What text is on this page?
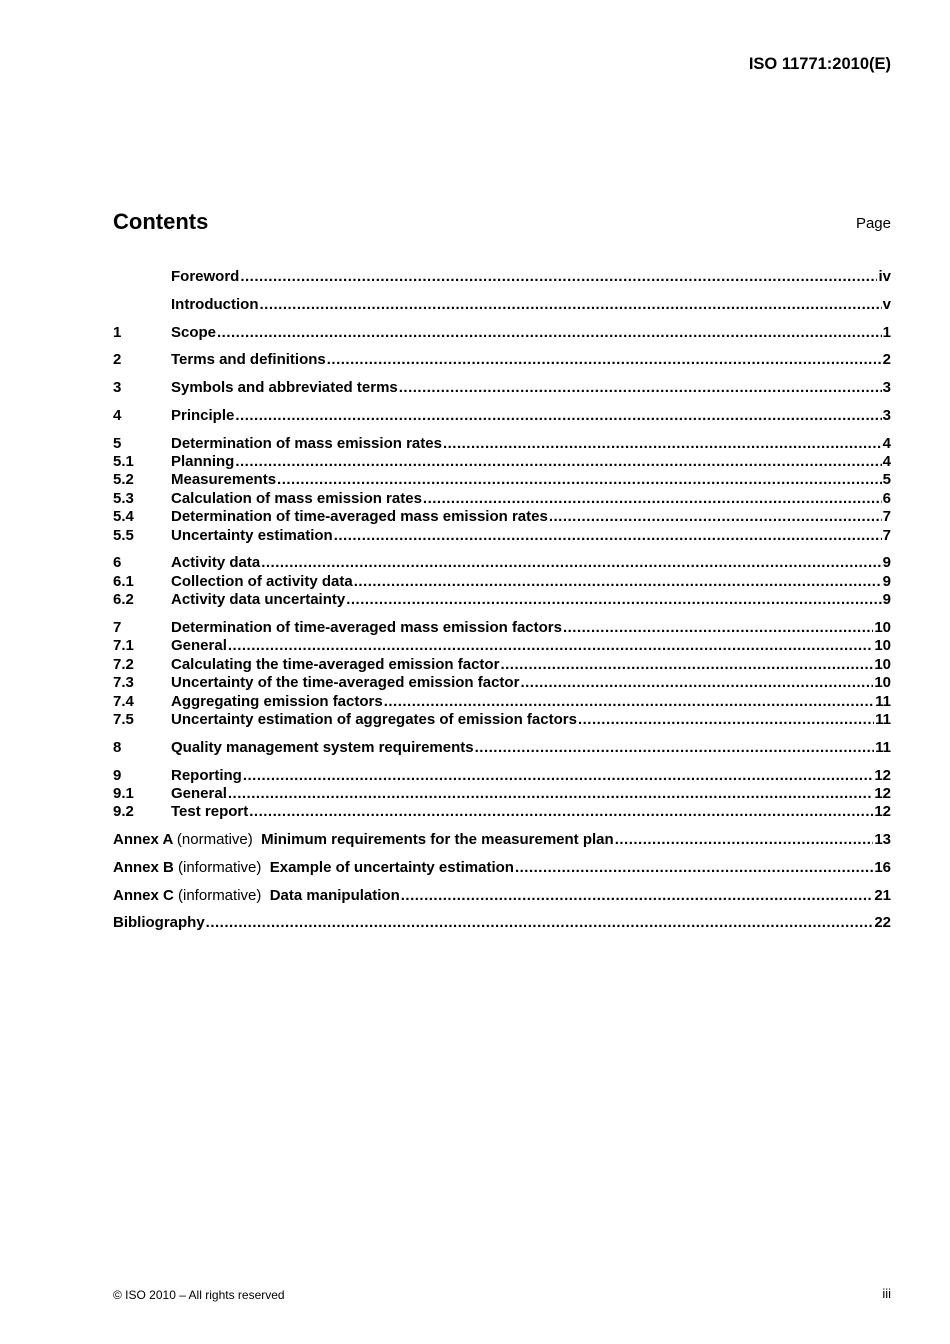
ISO 11771:2010(E)
Contents	Page
Foreword .....	iv
Introduction .....	v
1	Scope .....	1
2	Terms and definitions .....	2
3	Symbols and abbreviated terms .....	3
4	Principle .....	3
5	Determination of mass emission rates .....	4
5.1	Planning .....	4
5.2	Measurements .....	5
5.3	Calculation of mass emission rates .....	6
5.4	Determination of time-averaged mass emission rates .....	7
5.5	Uncertainty estimation .....	7
6	Activity data .....	9
6.1	Collection of activity data .....	9
6.2	Activity data uncertainty .....	9
7	Determination of time-averaged mass emission factors .....	10
7.1	General .....	10
7.2	Calculating the time-averaged emission factor .....	10
7.3	Uncertainty of the time-averaged emission factor .....	10
7.4	Aggregating emission factors .....	11
7.5	Uncertainty estimation of aggregates of emission factors .....	11
8	Quality management system requirements .....	11
9	Reporting .....	12
9.1	General .....	12
9.2	Test report .....	12
Annex A (normative) Minimum requirements for the measurement plan .....	13
Annex B (informative) Example of uncertainty estimation .....	16
Annex C (informative) Data manipulation .....	21
Bibliography .....	22
© ISO 2010 – All rights reserved	iii
